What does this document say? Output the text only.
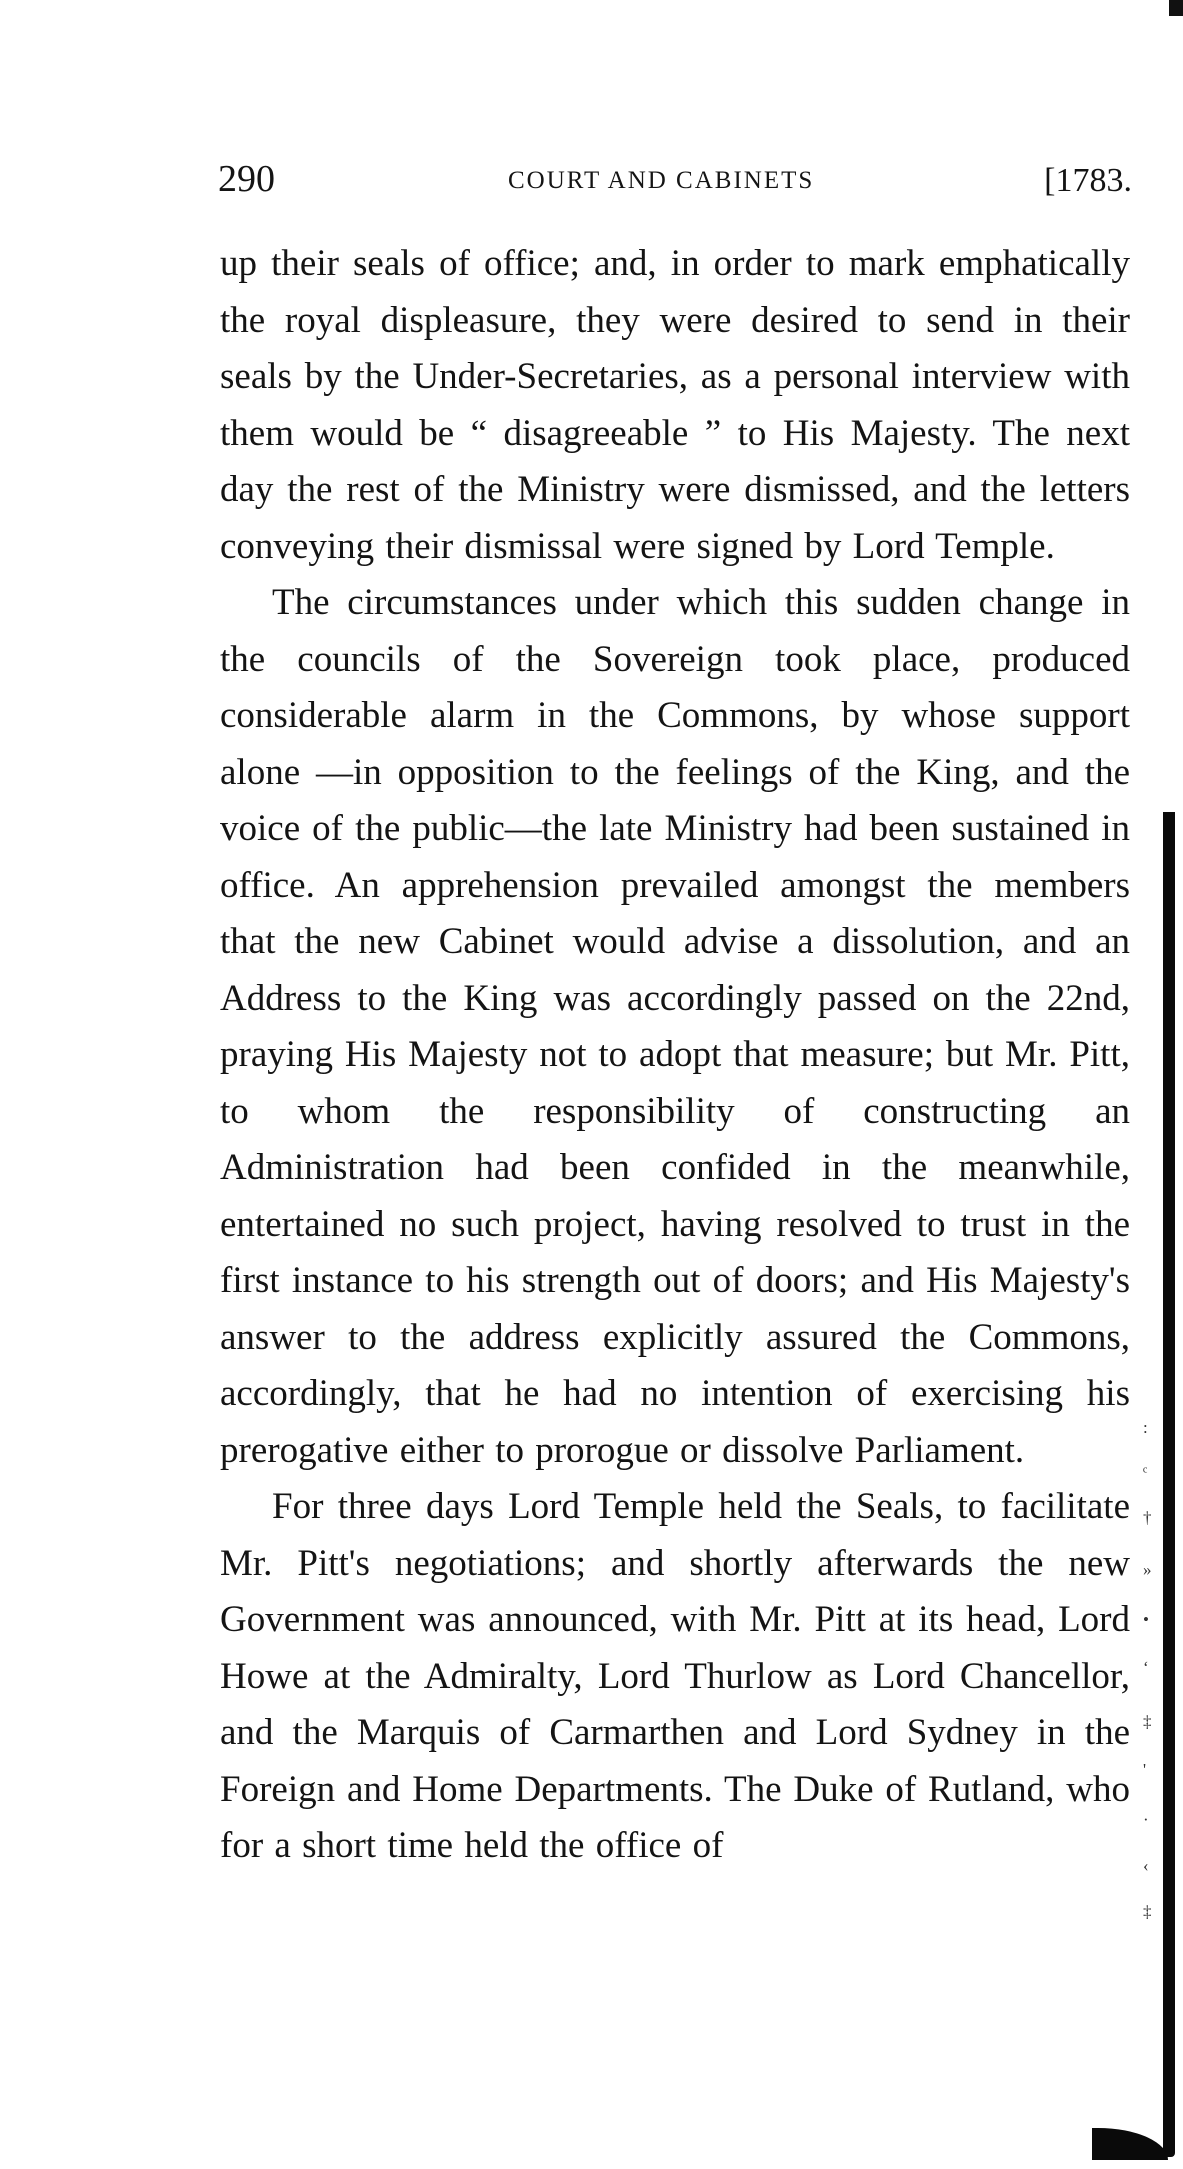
290	COURT AND CABINETS	[1783.

up their seals of office; and, in order to mark emphatically the royal displeasure, they were desired to send in their seals by the Under-Secretaries, as a personal interview with them would be “ disagreeable ” to His Majesty. The next day the rest of the Ministry were dismissed, and the letters conveying their dismissal were signed by Lord Temple.

The circumstances under which this sudden change in the councils of the Sovereign took place, produced considerable alarm in the Commons, by whose support alone —in opposition to the feelings of the King, and the voice of the public—the late Ministry had been sustained in office. An apprehension prevailed amongst the members that the new Cabinet would advise a dissolution, and an Address to the King was accordingly passed on the 22nd, praying His Majesty not to adopt that measure; but Mr. Pitt, to whom the responsibility of constructing an Administration had been confided in the meanwhile, entertained no such project, having resolved to trust in the first instance to his strength out of doors; and His Majesty's answer to the address explicitly assured the Commons, accordingly, that he had no intention of exercising his prerogative either to prorogue or dissolve Parliament.

For three days Lord Temple held the Seals, to facilitate Mr. Pitt's negotiations; and shortly afterwards the new Government was announced, with Mr. Pitt at its head, Lord Howe at the Admiralty, Lord Thurlow as Lord Chancellor, and the Marquis of Carmarthen and Lord Sydney in the Foreign and Home Departments. The Duke of Rutland, who for a short time held the office of

:
ᶜ
†
»
•
ʻ
‡
'
·
‹
‡
